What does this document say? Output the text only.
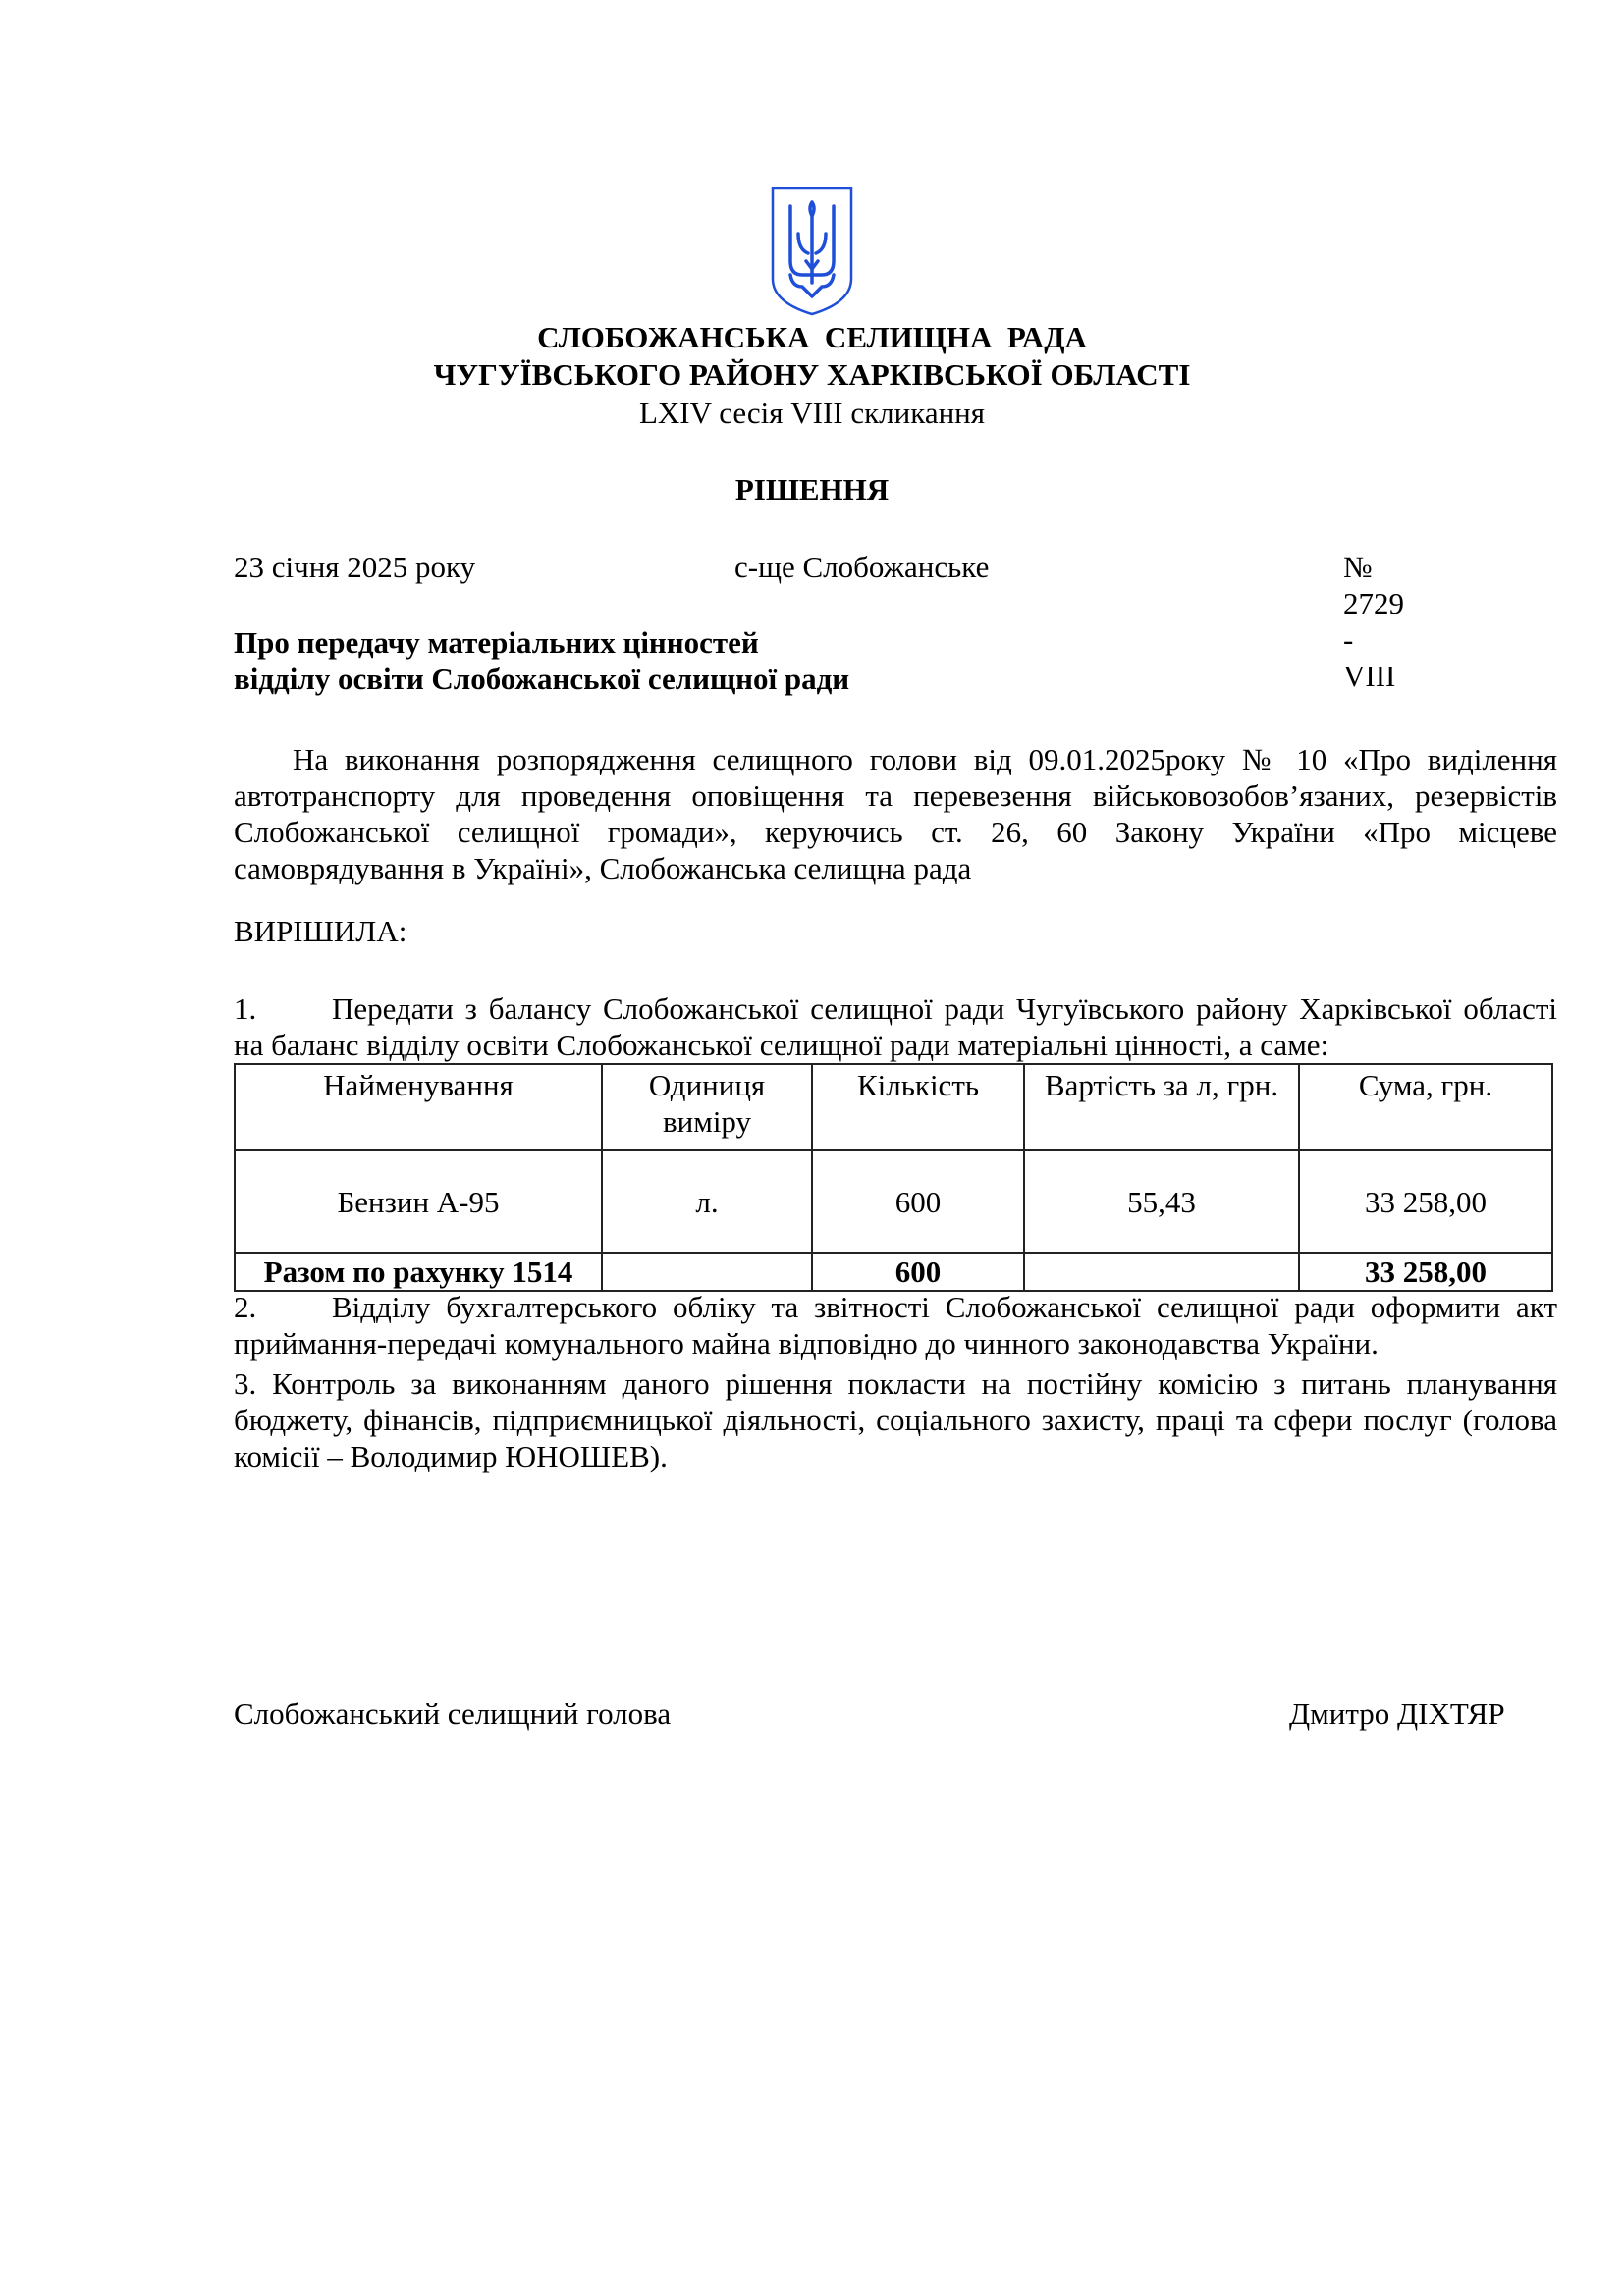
СЛОБОЖАНСЬКА  СЕЛИЩНА  РАДА
ЧУГУЇВСЬКОГО РАЙОНУ ХАРКІВСЬКОЇ ОБЛАСТІ
LXIV сесія VIII скликання
РІШЕННЯ
23 січня 2025 року	с-ще Слобожанське	№ 2729 - VIII
Про передачу матеріальних цінностей
відділу освіти Слобожанської селищної ради
На виконання розпорядження селищного голови від 09.01.2025року № 10 «Про виділення автотранспорту для проведення оповіщення та перевезення військовозобов’язаних, резервістів Слобожанської селищної громади», керуючись ст. 26, 60 Закону України «Про місцеве самоврядування в Україні», Слобожанська селищна рада
ВИРІШИЛА:
1. Передати з балансу Слобожанської селищної ради Чугуївського району Харківської області на баланс відділу освіти Слобожанської селищної ради матеріальні цінності, а саме:
Найменування	Одиниця виміру	Кількість	Вартість за л, грн.	Сума, грн.
Бензин А-95	л.	600	55,43	33 258,00
Разом по рахунку 1514		600		33 258,00
2. Відділу бухгалтерського обліку та звітності Слобожанської селищної ради оформити акт приймання-передачі комунального майна відповідно до чинного законодавства України.
3. Контроль за виконанням даного рішення покласти на постійну комісію з питань планування бюджету, фінансів, підприємницької діяльності, соціального захисту, праці та сфери послуг (голова комісії – Володимир ЮНОШЕВ).
Слобожанський селищний голова	Дмитро ДІХТЯР
